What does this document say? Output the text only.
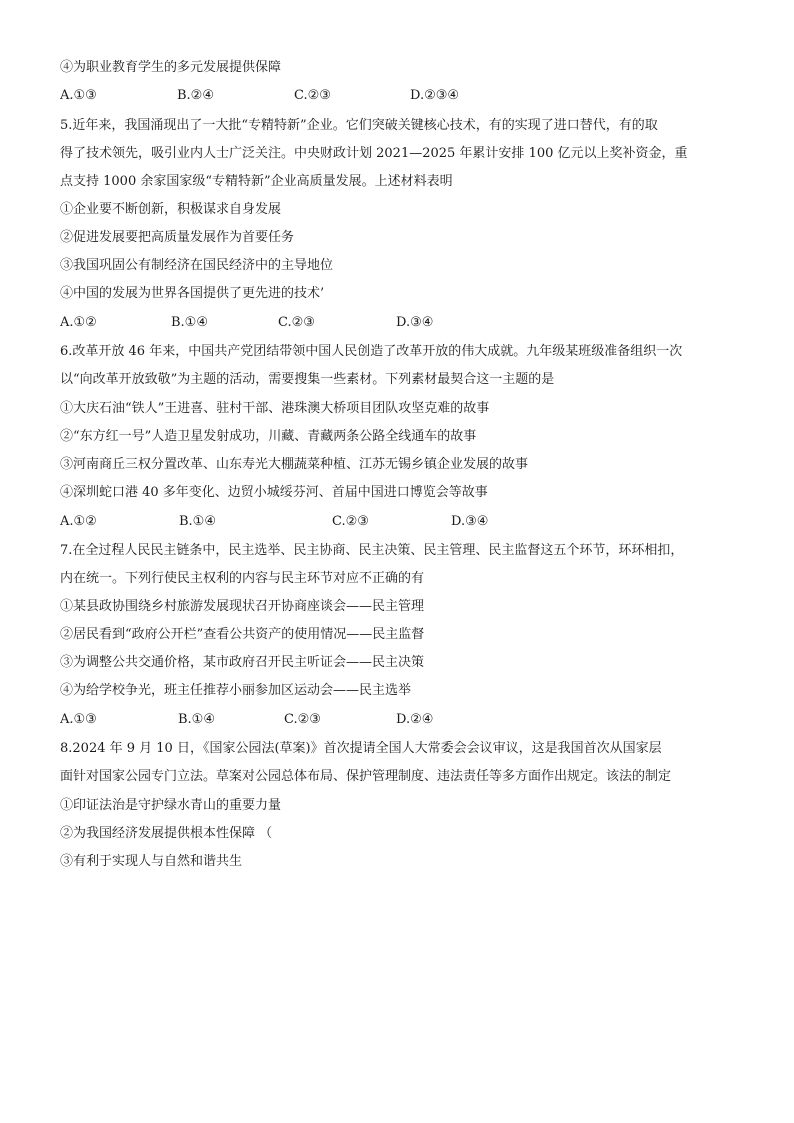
④为职业教育学生的多元发展提供保障
A.①③	B.②④	C.②③	D.②③④
5.近年来，我国涌现出了一大批“专精特新”企业。它们突破关键核心技术，有的实现了进口替代，有的取
得了技术领先，吸引业内人士广泛关注。中央财政计划 2021—2025 年累计安排 100 亿元以上奖补资金，重
点支持 1000 余家国家级“专精特新”企业高质量发展。上述材料表明
①企业要不断创新，积极谋求自身发展
②促进发展要把高质量发展作为首要任务
③我国巩固公有制经济在国民经济中的主导地位
④中国的发展为世界各国提供了更先进的技术’
A.①②	B.①④	C.②③	D.③④
6.改革开放 46 年来，中国共产党团结带领中国人民创造了改革开放的伟大成就。九年级某班级准备组织一次
以“向改革开放致敬”为主题的活动，需要搜集一些素材。下列素材最契合这一主题的是
①大庆石油“铁人”王进喜、驻村干部、港珠澳大桥项目团队攻坚克难的故事
②“东方红一号”人造卫星发射成功，川藏、青藏两条公路全线通车的故事
③河南商丘三权分置改革、山东寿光大棚蔬菜种植、江苏无锡乡镇企业发展的故事
④深圳蛇口港 40 多年变化、边贸小城绥芬河、首届中国进口博览会等故事
A.①②	B.①④	C.②③	D.③④
7.在全过程人民民主链条中，民主选举、民主协商、民主决策、民主管理、民主监督这五个环节，环环相扣，
内在统一。下列行使民主权利的内容与民主环节对应不正确的有
①某县政协围绕乡村旅游发展现状召开协商座谈会——民主管理
②居民看到“政府公开栏”查看公共资产的使用情况——民主监督
③为调整公共交通价格，某市政府召开民主听证会——民主决策
④为给学校争光，班主任推荐小丽参加区运动会——民主选举
A.①③	B.①④	C.②③	D.②④
8.2024 年 9 月 10 日，《国家公园法(草案)》首次提请全国人大常委会会议审议，这是我国首次从国家层
面针对国家公园专门立法。草案对公园总体布局、保护管理制度、违法责任等多方面作出规定。该法的制定
①印证法治是守护绿水青山的重要力量
②为我国经济发展提供根本性保障 （
③有利于实现人与自然和谐共生
